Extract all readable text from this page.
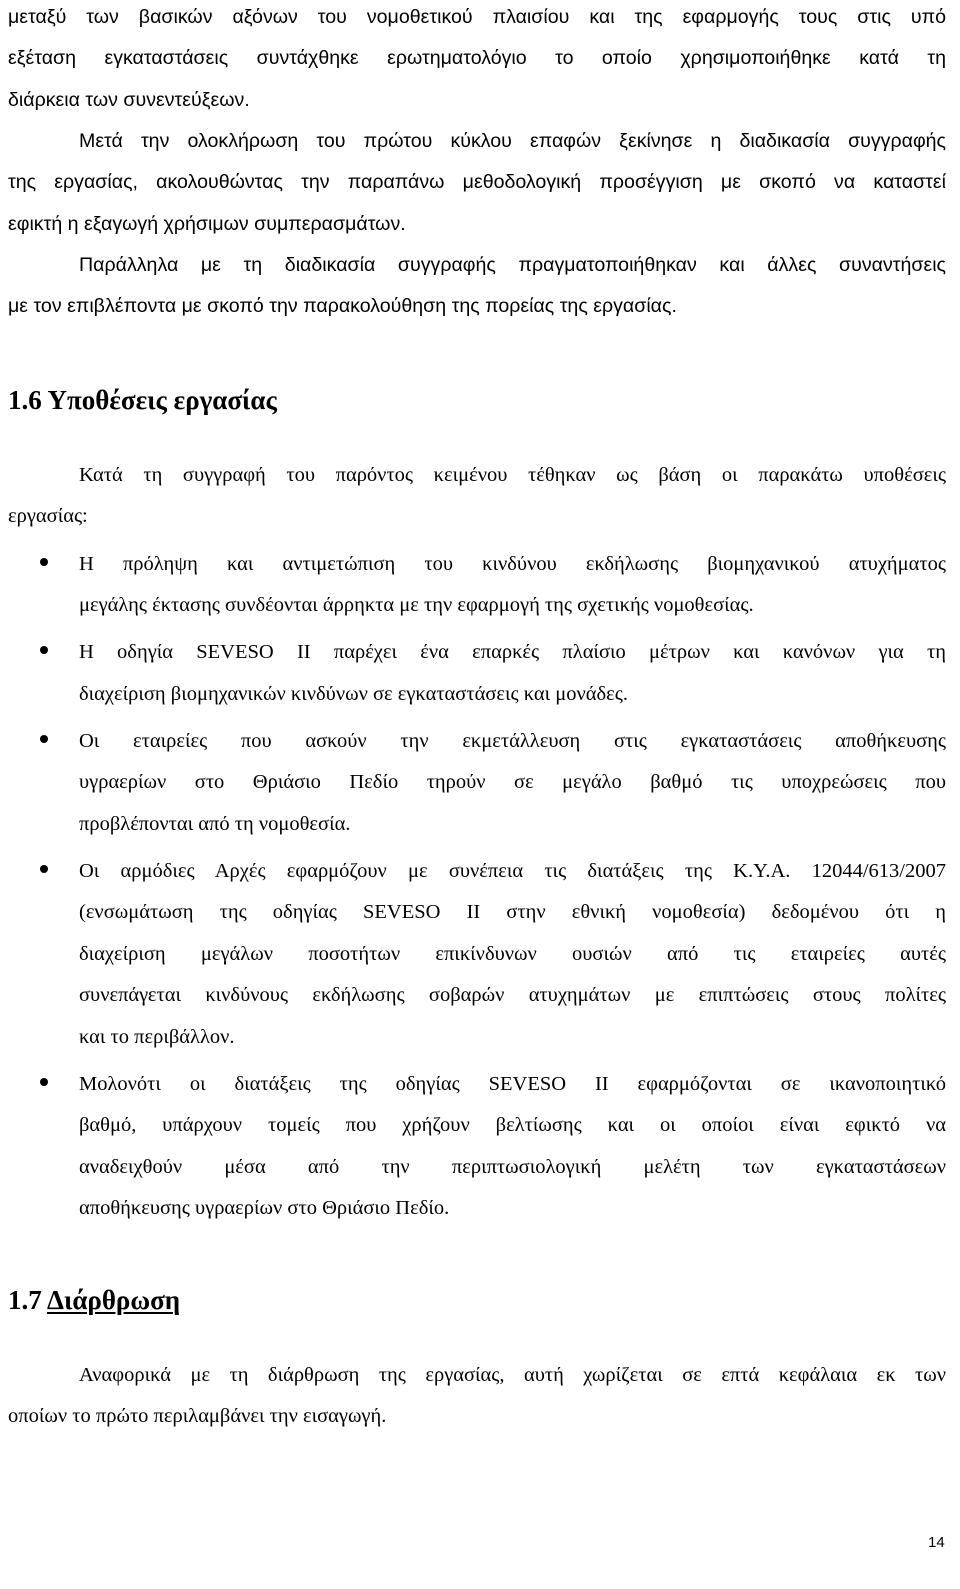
μεταξύ των βασικών αξόνων του νομοθετικού πλαισίου και της εφαρμογής τους στις υπό

εξέταση εγκαταστάσεις συντάχθηκε ερωτηματολόγιο το οποίο χρησιμοποιήθηκε κατά τη

διάρκεια των συνεντεύξεων.

Μετά την ολοκλήρωση του πρώτου κύκλου επαφών ξεκίνησε η διαδικασία συγγραφής

της εργασίας, ακολουθώντας την παραπάνω μεθοδολογική προσέγγιση με σκοπό να καταστεί

εφικτή η εξαγωγή χρήσιμων συμπερασμάτων.

Παράλληλα με τη διαδικασία συγγραφής πραγματοποιήθηκαν και άλλες συναντήσεις

με τον επιβλέποντα με σκοπό την παρακολούθηση της πορείας της εργασίας.

1.6 Υποθέσεις εργασίας

Κατά τη συγγραφή του παρόντος κειμένου τέθηκαν ως βάση οι παρακάτω υποθέσεις

εργασίας:

Η πρόληψη και αντιμετώπιση του κινδύνου εκδήλωσης βιομηχανικού ατυχήματος

μεγάλης έκτασης συνδέονται άρρηκτα με την εφαρμογή της σχετικής νομοθεσίας.

Η οδηγία SEVESO II παρέχει ένα επαρκές πλαίσιο μέτρων και κανόνων για τη

διαχείριση βιομηχανικών κινδύνων σε εγκαταστάσεις και μονάδες.

Οι εταιρείες που ασκούν την εκμετάλλευση στις εγκαταστάσεις αποθήκευσης

υγραερίων στο Θριάσιο Πεδίο τηρούν σε μεγάλο βαθμό τις υποχρεώσεις που

προβλέπονται από τη νομοθεσία.

Οι αρμόδιες Αρχές εφαρμόζουν με συνέπεια τις διατάξεις της Κ.Υ.Α. 12044/613/2007

(ενσωμάτωση της οδηγίας SEVESO II στην εθνική νομοθεσία) δεδομένου ότι η

διαχείριση μεγάλων ποσοτήτων επικίνδυνων ουσιών από τις εταιρείες αυτές

συνεπάγεται κινδύνους εκδήλωσης σοβαρών ατυχημάτων με επιπτώσεις στους πολίτες

και το περιβάλλον.

Μολονότι οι διατάξεις της οδηγίας SEVESO II εφαρμόζονται σε ικανοποιητικό

βαθμό, υπάρχουν τομείς που χρήζουν βελτίωσης και οι οποίοι είναι εφικτό να

αναδειχθούν μέσα από την περιπτωσιολογική μελέτη των εγκαταστάσεων

αποθήκευσης υγραερίων στο Θριάσιο Πεδίο.

1.7 Διάρθρωση

Αναφορικά με τη διάρθρωση της εργασίας, αυτή χωρίζεται σε επτά κεφάλαια εκ των

οποίων το πρώτο περιλαμβάνει την εισαγωγή.

14
